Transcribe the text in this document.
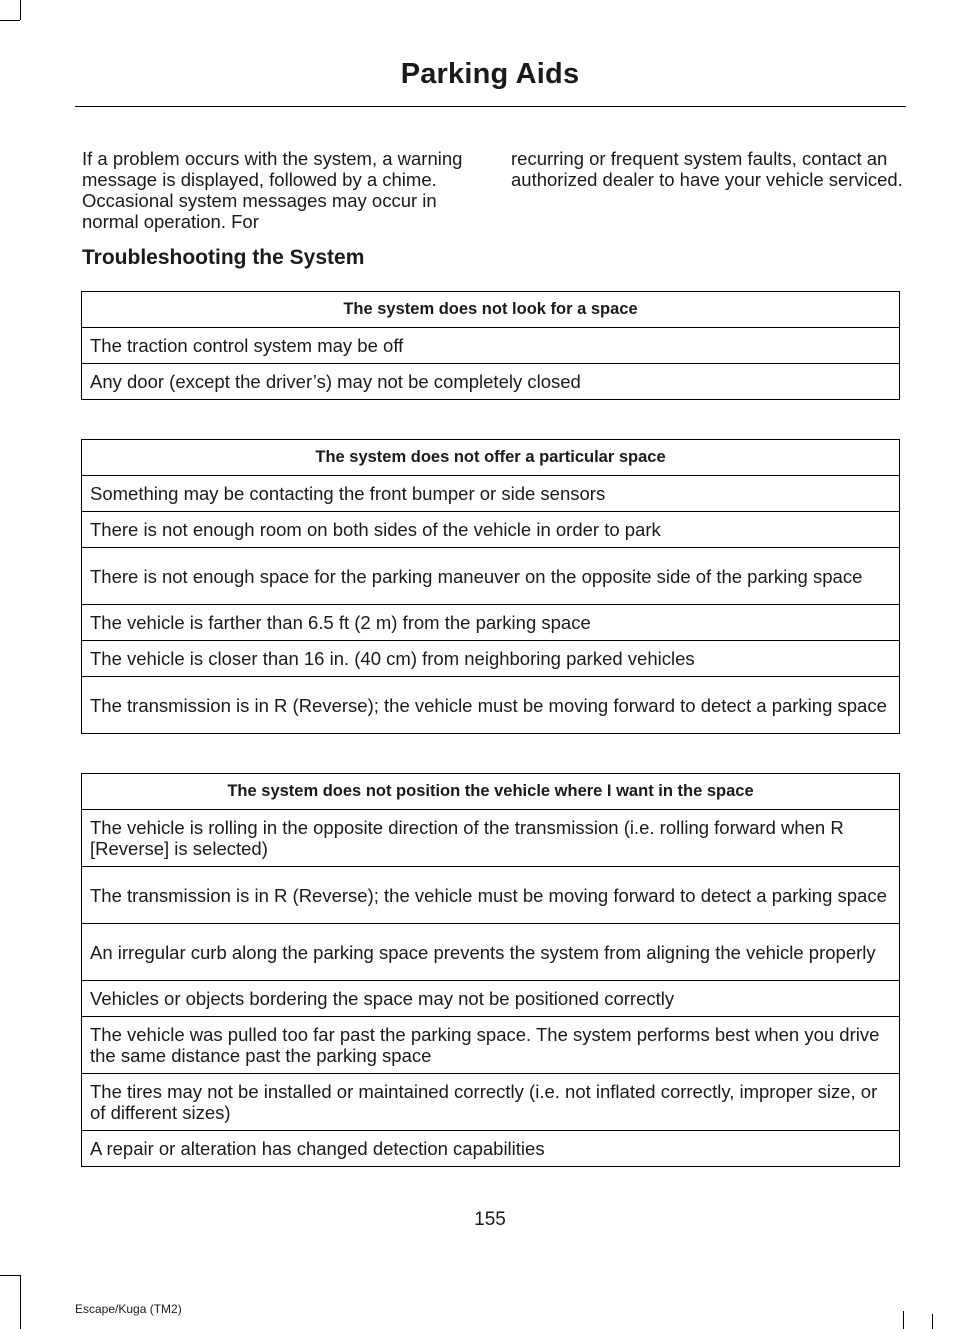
Parking Aids
If a problem occurs with the system, a warning message is displayed, followed by a chime. Occasional system messages may occur in normal operation. For
recurring or frequent system faults, contact an authorized dealer to have your vehicle serviced.
Troubleshooting the System
The system does not look for a space
The traction control system may be off
Any door (except the driver’s) may not be completely closed
The system does not offer a particular space
Something may be contacting the front bumper or side sensors
There is not enough room on both sides of the vehicle in order to park
There is not enough space for the parking maneuver on the opposite side of the parking space
The vehicle is farther than 6.5 ft (2 m) from the parking space
The vehicle is closer than 16 in. (40 cm) from neighboring parked vehicles
The transmission is in R (Reverse); the vehicle must be moving forward to detect a parking space
The system does not position the vehicle where I want in the space
The vehicle is rolling in the opposite direction of the transmission (i.e. rolling forward when R [Reverse] is selected)
The transmission is in R (Reverse); the vehicle must be moving forward to detect a parking space
An irregular curb along the parking space prevents the system from aligning the vehicle properly
Vehicles or objects bordering the space may not be positioned correctly
The vehicle was pulled too far past the parking space. The system performs best when you drive the same distance past the parking space
The tires may not be installed or maintained correctly (i.e. not inflated correctly, improper size, or of different sizes)
A repair or alteration has changed detection capabilities
155
Escape/Kuga (TM2)
